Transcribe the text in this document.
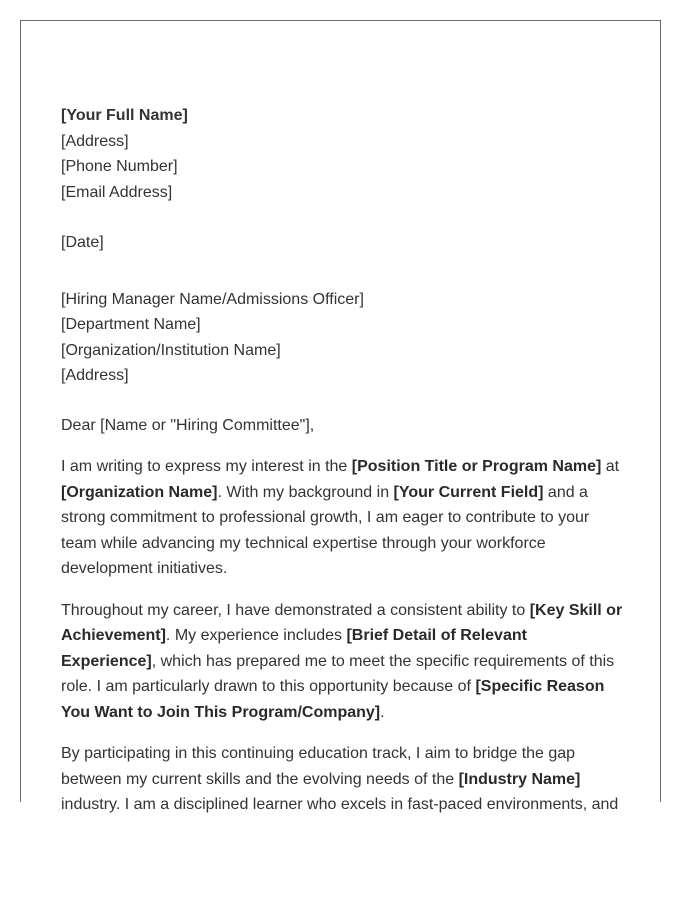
[Your Full Name]
[Address]
[Phone Number]
[Email Address]
[Date]
[Hiring Manager Name/Admissions Officer]
[Department Name]
[Organization/Institution Name]
[Address]
Dear [Name or "Hiring Committee"],

I am writing to express my interest in the [Position Title or Program Name] at [Organization Name]. With my background in [Your Current Field] and a strong commitment to professional growth, I am eager to contribute to your team while advancing my technical expertise through your workforce development initiatives.

Throughout my career, I have demonstrated a consistent ability to [Key Skill or Achievement]. My experience includes [Brief Detail of Relevant Experience], which has prepared me to meet the specific requirements of this role. I am particularly drawn to this opportunity because of [Specific Reason You Want to Join This Program/Company].

By participating in this continuing education track, I aim to bridge the gap between my current skills and the evolving needs of the [Industry Name] industry. I am a disciplined learner who excels in fast-paced environments, and
